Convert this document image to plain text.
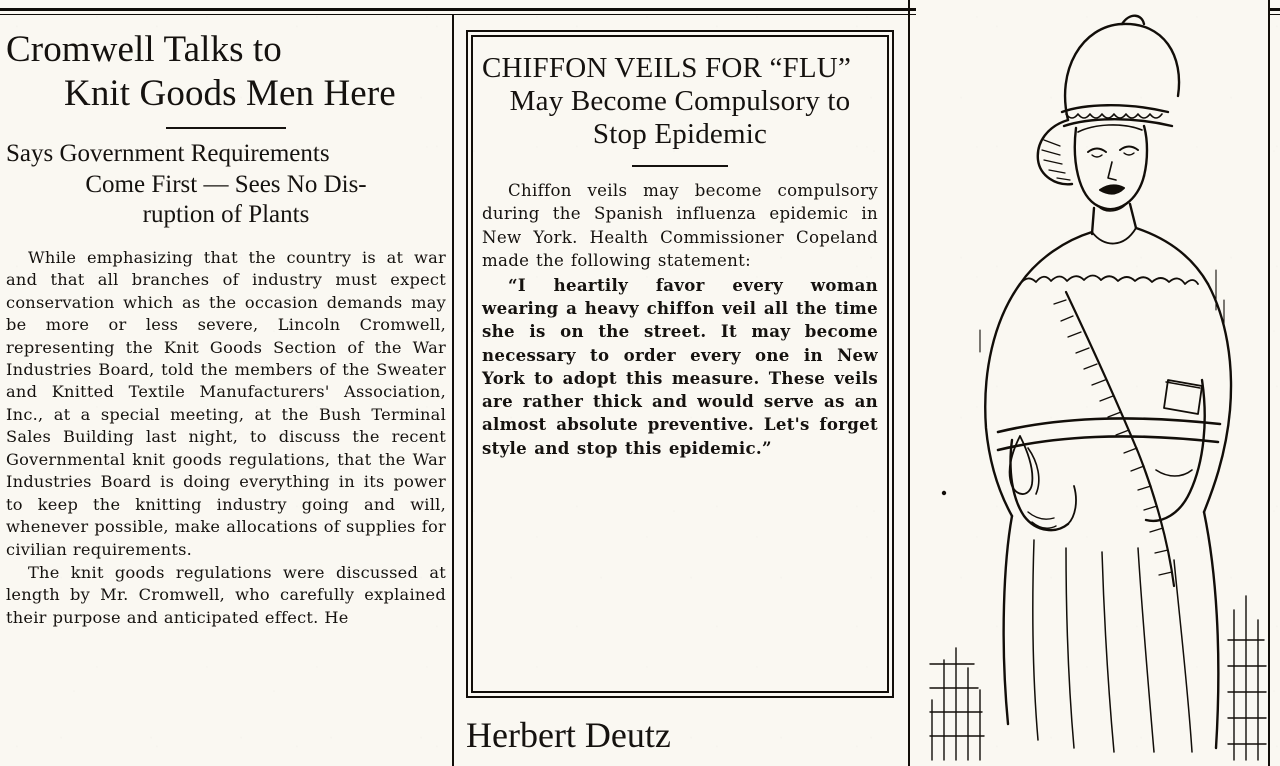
Cromwell Talks to
Knit Goods Men Here
Says Government Requirements
Come First — Sees No Dis-
ruption of Plants

While emphasizing that the country is at war and that all branches of industry must expect conservation which as the occasion demands may be more or less severe, Lincoln Cromwell, representing the Knit Goods Section of the War Industries Board, told the members of the Sweater and Knitted Textile Manufacturers' Association, Inc., at a special meeting, at the Bush Terminal Sales Building last night, to discuss the recent Governmental knit goods regulations, that the War Industries Board is doing everything in its power to keep the knitting industry going and will, whenever possible, make allocations of supplies for civilian requirements.

The knit goods regulations were discussed at length by Mr. Cromwell, who carefully explained their purpose and anticipated effect. He

CHIFFON VEILS FOR “FLU”
May Become Compulsory to
Stop Epidemic

Chiffon veils may become compulsory during the Spanish influenza epidemic in New York. Health Commissioner Copeland made the following statement:

“I heartily favor every woman wearing a heavy chiffon veil all the time she is on the street. It may become necessary to order every one in New York to adopt this measure. These veils are rather thick and would serve as an almost absolute preventive. Let's forget style and stop this epidemic.”

Herbert Deutz
